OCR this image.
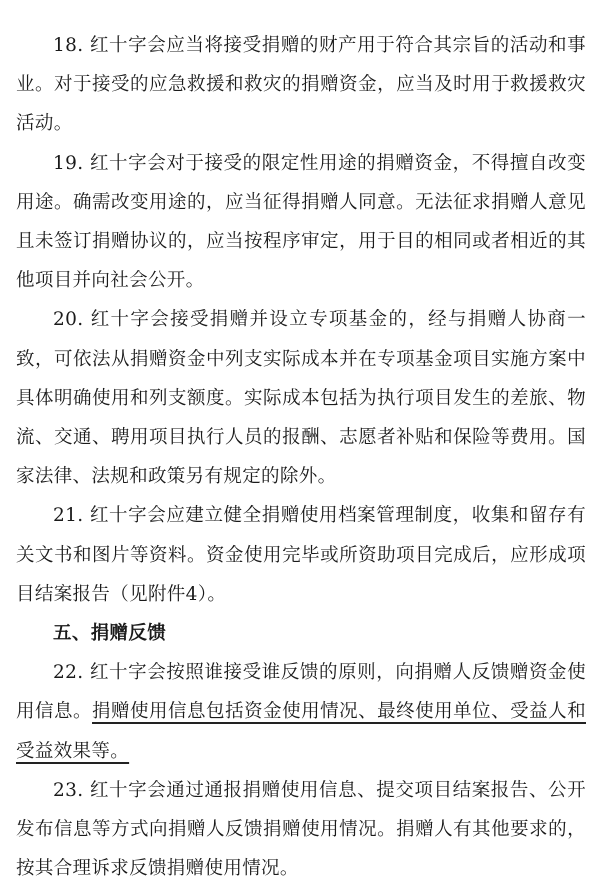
18. 红十字会应当将接受捐赠的财产用于符合其宗旨的活动和事业。对于接受的应急救援和救灾的捐赠资金，应当及时用于救援救灾活动。

19. 红十字会对于接受的限定性用途的捐赠资金，不得擅自改变用途。确需改变用途的，应当征得捐赠人同意。无法征求捐赠人意见且未签订捐赠协议的，应当按程序审定，用于目的相同或者相近的其他项目并向社会公开。

20. 红十字会接受捐赠并设立专项基金的，经与捐赠人协商一致，可依法从捐赠资金中列支实际成本并在专项基金项目实施方案中具体明确使用和列支额度。实际成本包括为执行项目发生的差旅、物流、交通、聘用项目执行人员的报酬、志愿者补贴和保险等费用。国家法律、法规和政策另有规定的除外。

21. 红十字会应建立健全捐赠使用档案管理制度，收集和留存有关文书和图片等资料。资金使用完毕或所资助项目完成后，应形成项目结案报告（见附件4）。

五、捐赠反馈

22. 红十字会按照谁接受谁反馈的原则，向捐赠人反馈赠资金使用信息。捐赠使用信息包括资金使用情况、最终使用单位、受益人和受益效果等。

23. 红十字会通过通报捐赠使用信息、提交项目结案报告、公开发布信息等方式向捐赠人反馈捐赠使用情况。捐赠人有其他要求的，按其合理诉求反馈捐赠使用情况。
